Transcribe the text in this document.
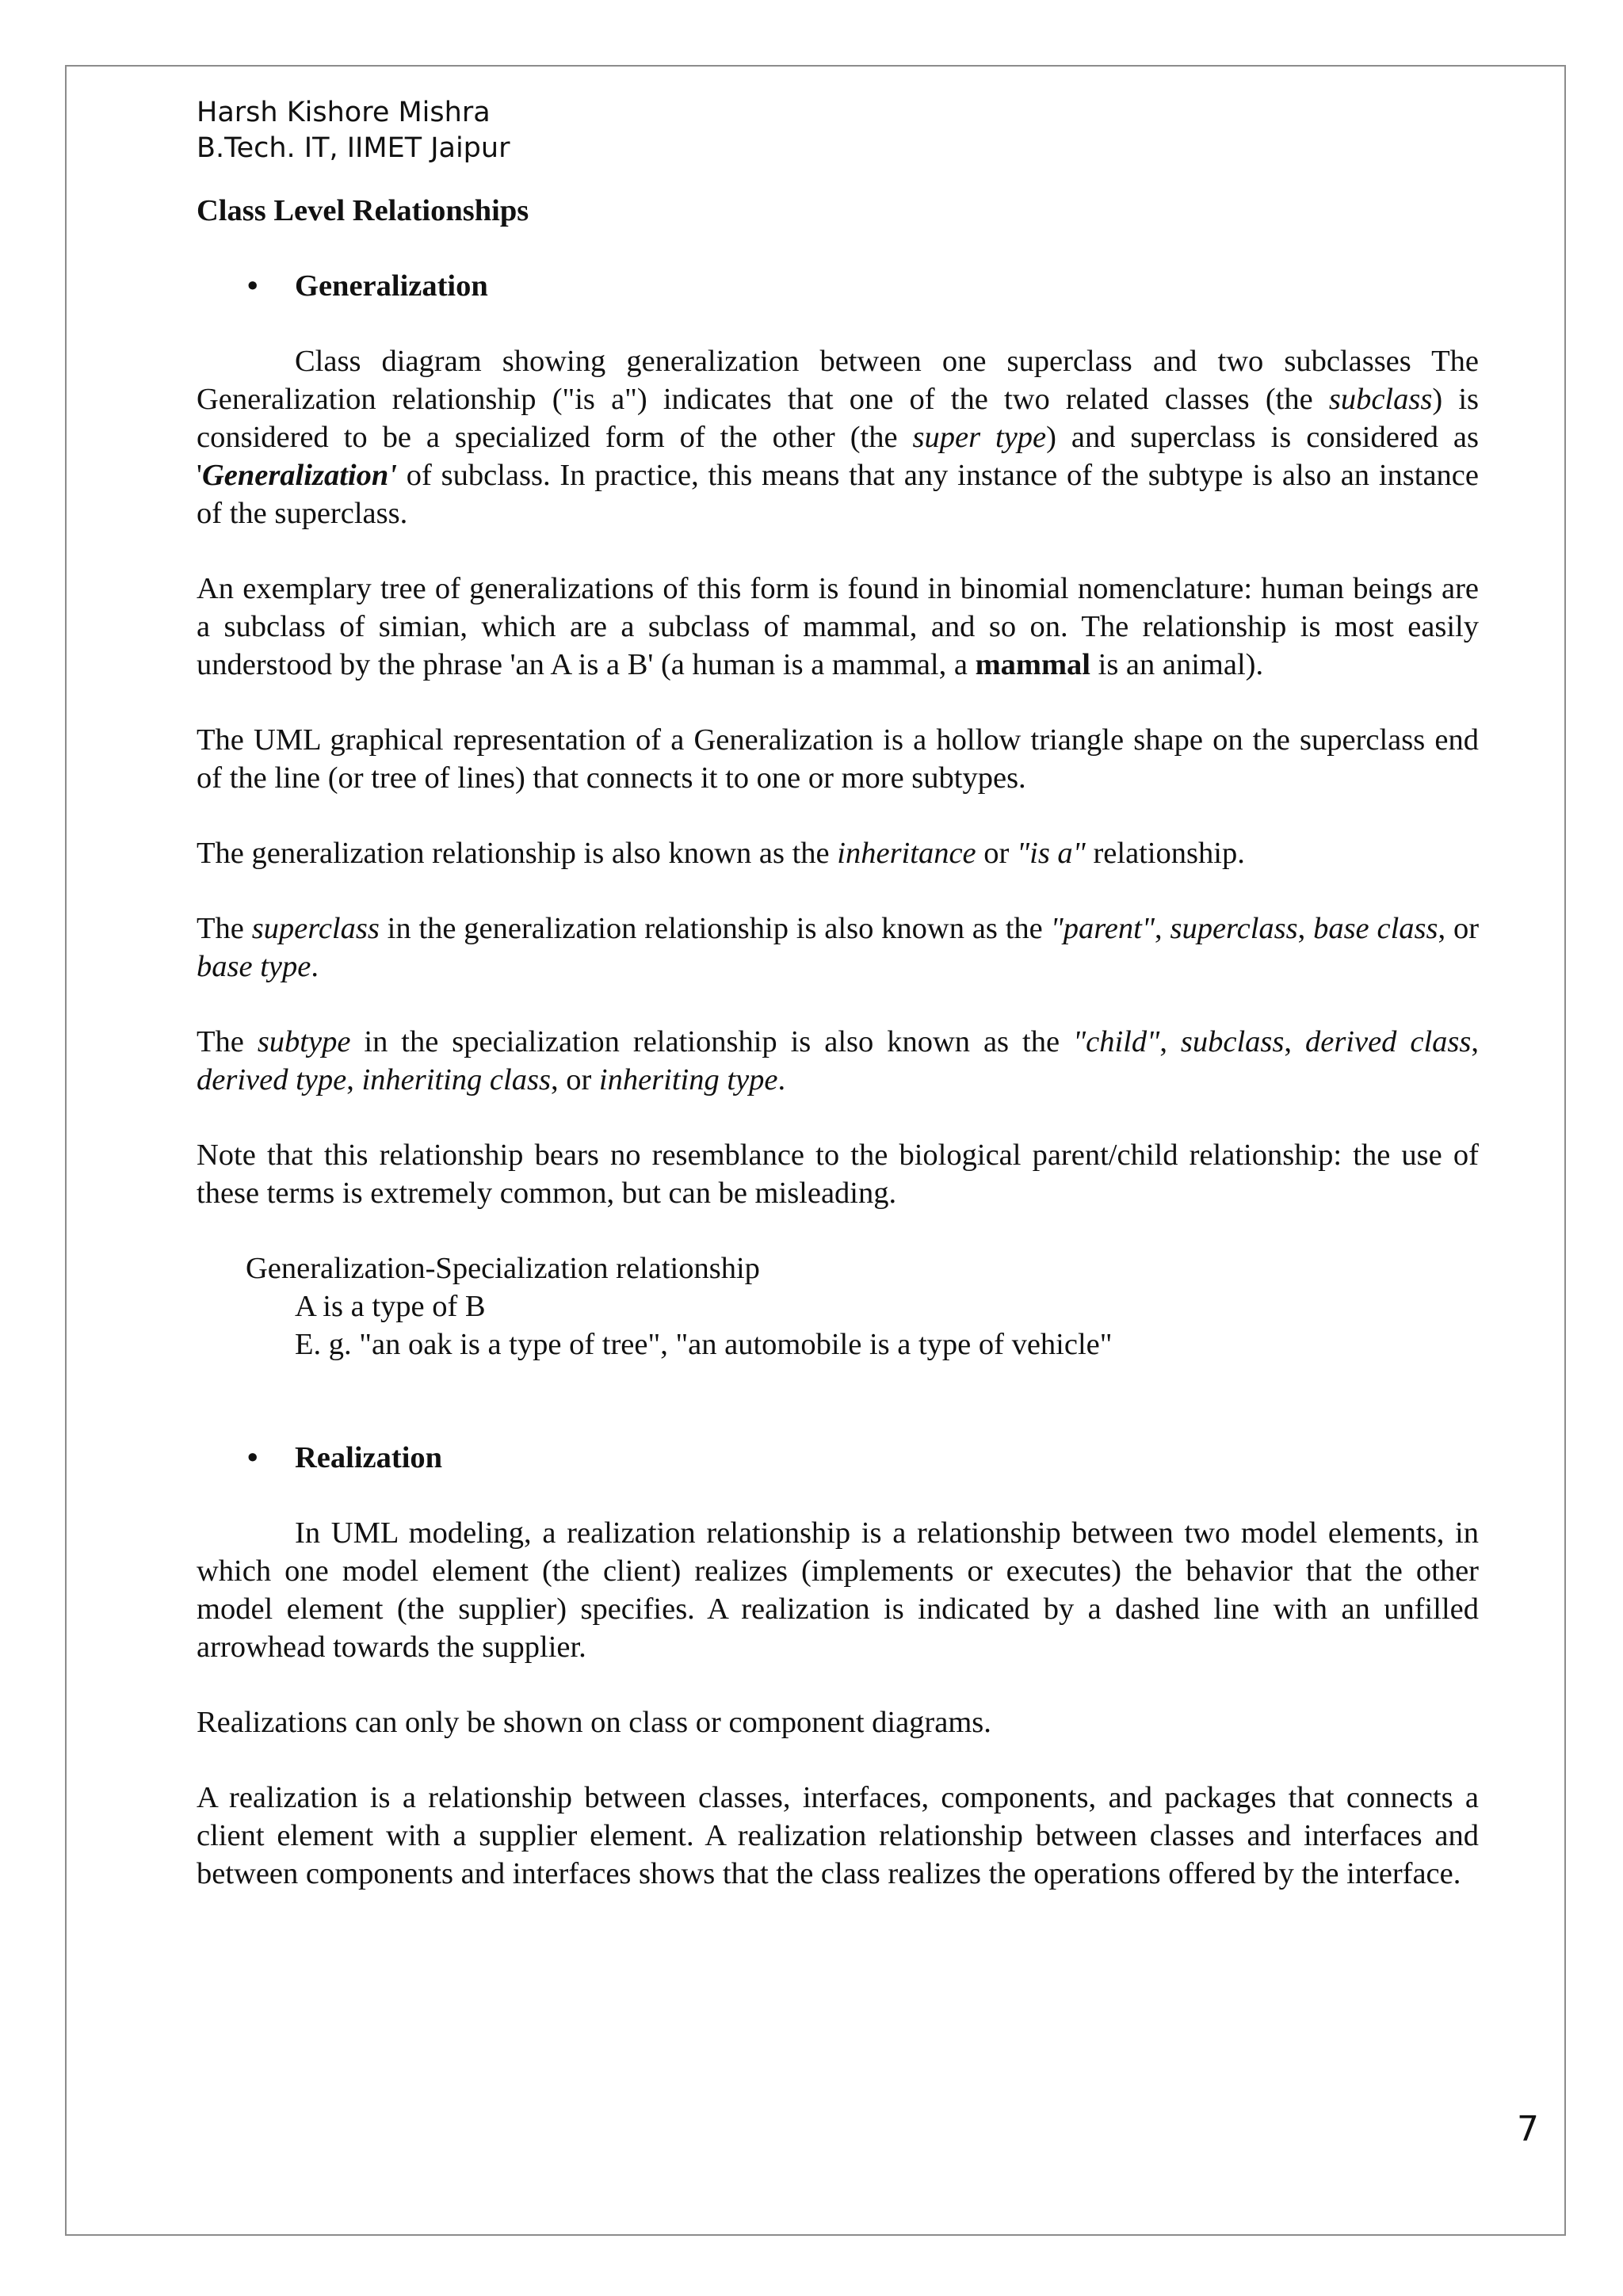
Harsh Kishore Mishra
B.Tech. IT, IIMET Jaipur

Class Level Relationships

• Generalization

Class diagram showing generalization between one superclass and two subclasses The Generalization relationship ("is a") indicates that one of the two related classes (the subclass) is considered to be a specialized form of the other (the super type) and superclass is considered as 'Generalization' of subclass. In practice, this means that any instance of the subtype is also an instance of the superclass.

An exemplary tree of generalizations of this form is found in binomial nomenclature: human beings are a subclass of simian, which are a subclass of mammal, and so on. The relationship is most easily understood by the phrase 'an A is a B' (a human is a mammal, a mammal is an animal).

The UML graphical representation of a Generalization is a hollow triangle shape on the superclass end of the line (or tree of lines) that connects it to one or more subtypes.

The generalization relationship is also known as the inheritance or "is a" relationship.

The superclass in the generalization relationship is also known as the "parent", superclass, base class, or base type.

The subtype in the specialization relationship is also known as the "child", subclass, derived class, derived type, inheriting class, or inheriting type.

Note that this relationship bears no resemblance to the biological parent/child relationship: the use of these terms is extremely common, but can be misleading.

Generalization-Specialization relationship
A is a type of B
E. g. "an oak is a type of tree", "an automobile is a type of vehicle"

• Realization

In UML modeling, a realization relationship is a relationship between two model elements, in which one model element (the client) realizes (implements or executes) the behavior that the other model element (the supplier) specifies. A realization is indicated by a dashed line with an unfilled arrowhead towards the supplier.

Realizations can only be shown on class or component diagrams.

A realization is a relationship between classes, interfaces, components, and packages that connects a client element with a supplier element. A realization relationship between classes and interfaces and between components and interfaces shows that the class realizes the operations offered by the interface.

7
